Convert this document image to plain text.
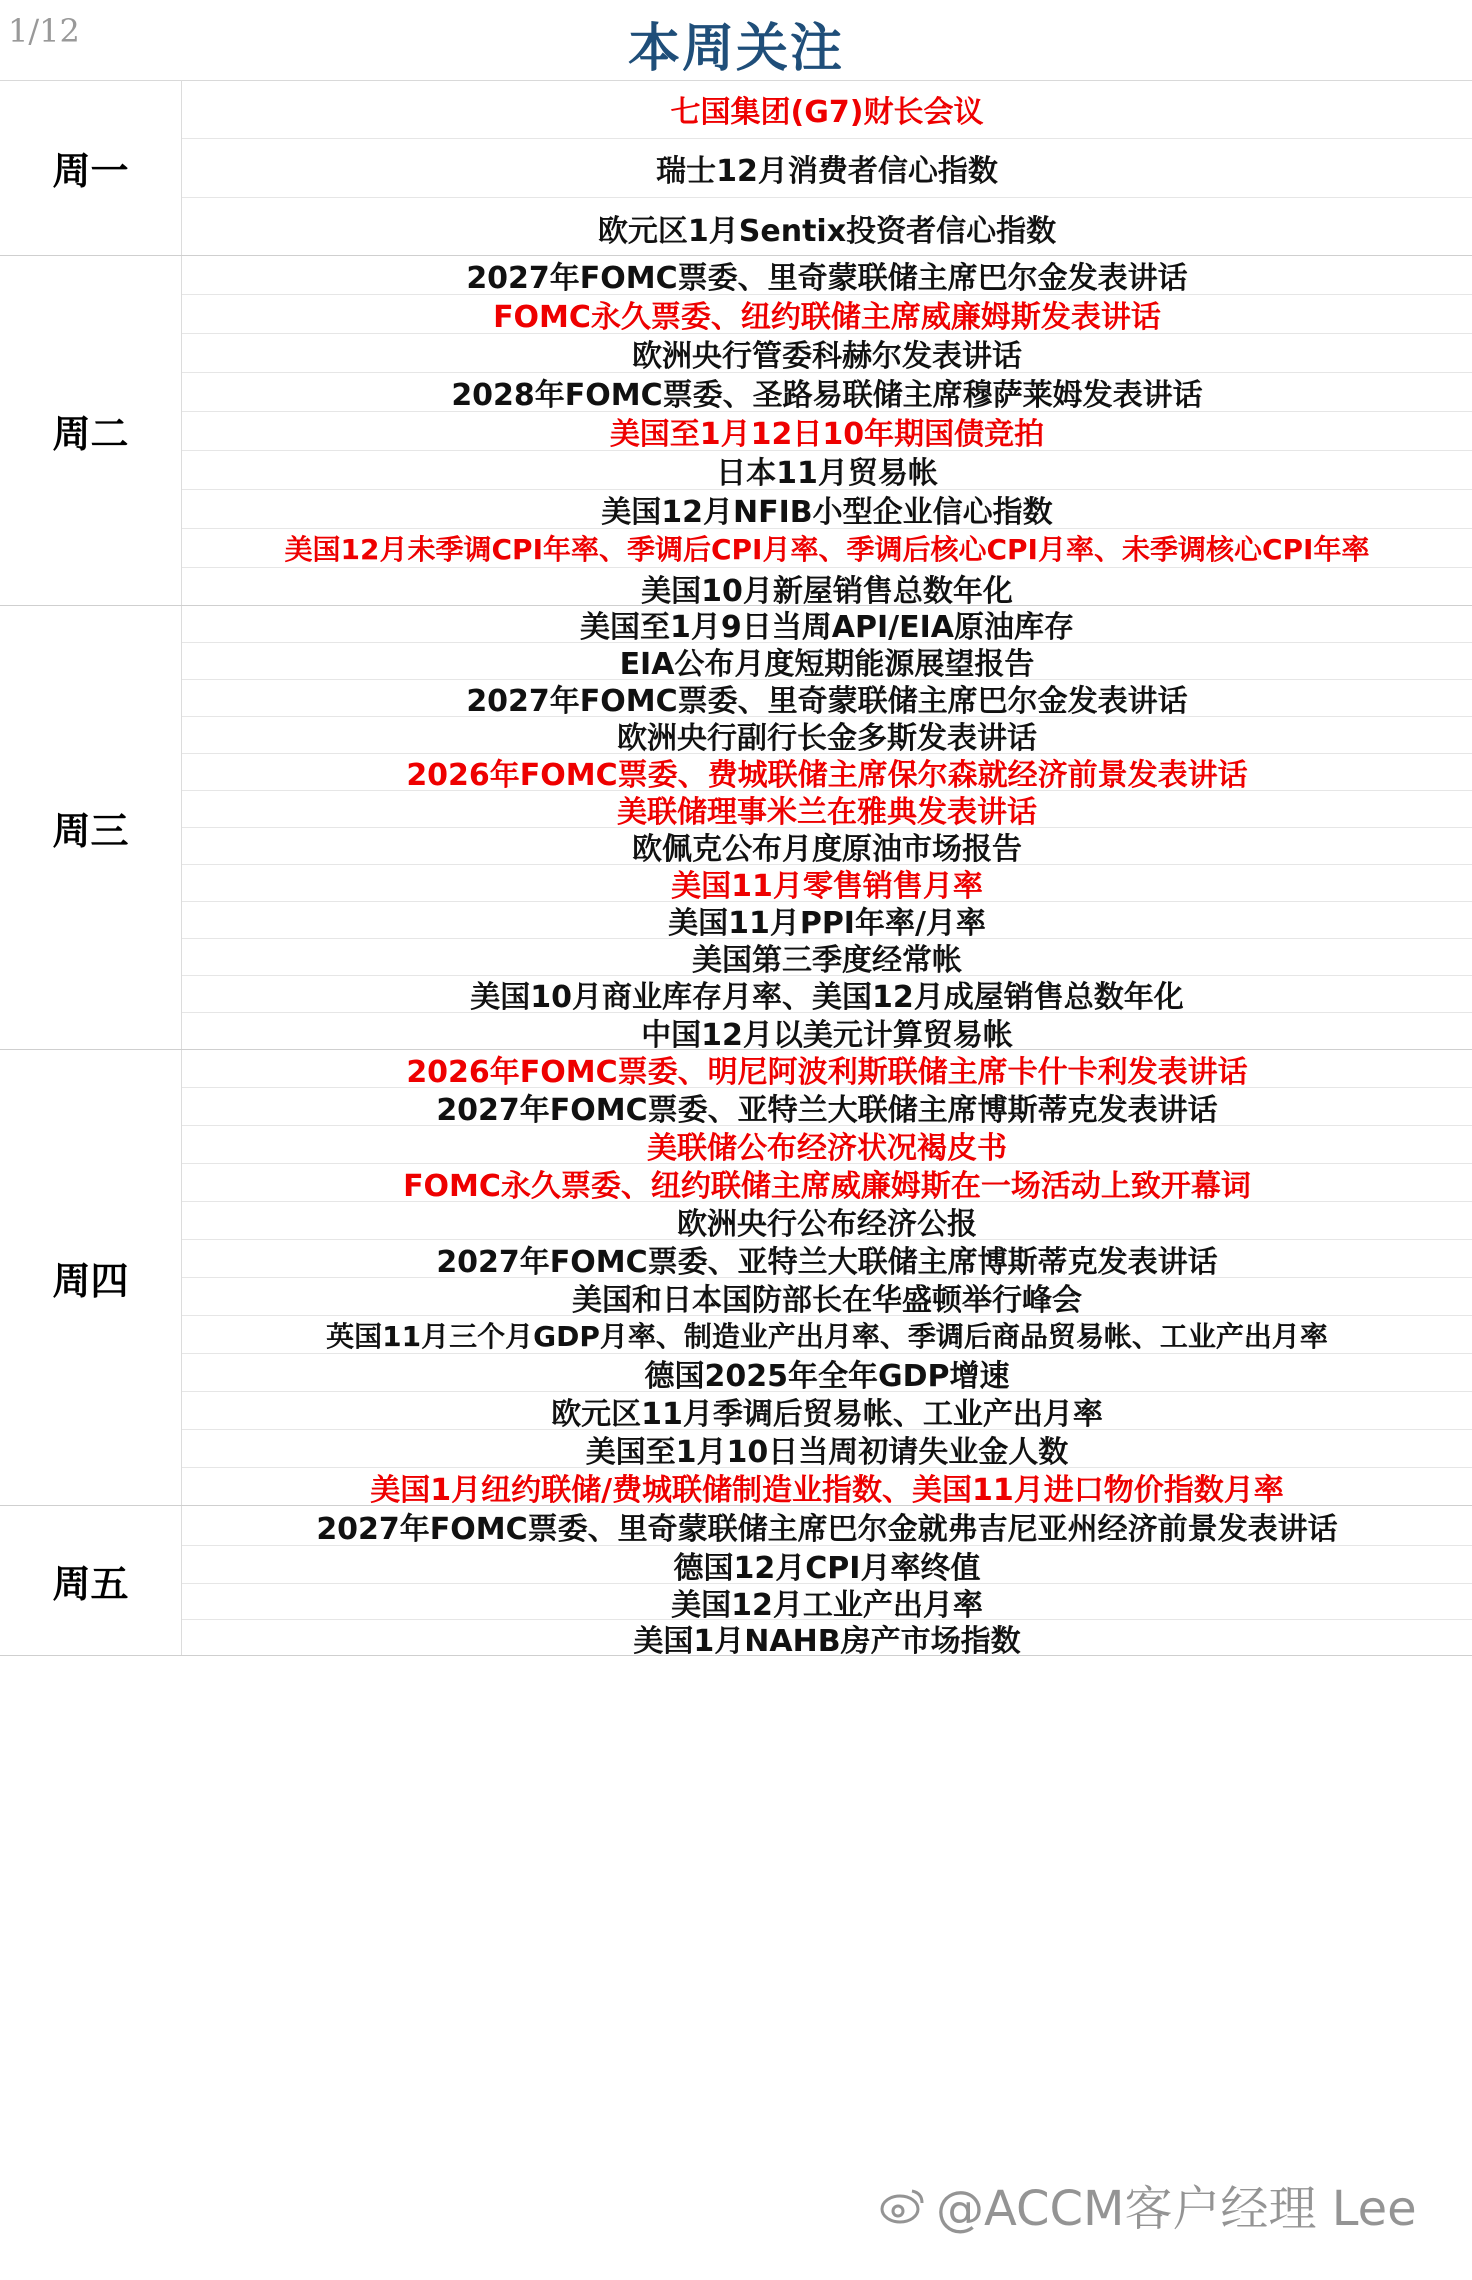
1/12	本周关注
周一
七国集团(G7)财长会议
瑞士12月消费者信心指数
欧元区1月Sentix投资者信心指数
周二
2027年FOMC票委、里奇蒙联储主席巴尔金发表讲话
FOMC永久票委、纽约联储主席威廉姆斯发表讲话
欧洲央行管委科赫尔发表讲话
2028年FOMC票委、圣路易联储主席穆萨莱姆发表讲话
美国至1月12日10年期国债竞拍
日本11月贸易帐
美国12月NFIB小型企业信心指数
美国12月未季调CPI年率、季调后CPI月率、季调后核心CPI月率、未季调核心CPI年率
美国10月新屋销售总数年化
周三
美国至1月9日当周API/EIA原油库存
EIA公布月度短期能源展望报告
2027年FOMC票委、里奇蒙联储主席巴尔金发表讲话
欧洲央行副行长金多斯发表讲话
2026年FOMC票委、费城联储主席保尔森就经济前景发表讲话
美联储理事米兰在雅典发表讲话
欧佩克公布月度原油市场报告
美国11月零售销售月率
美国11月PPI年率/月率
美国第三季度经常帐
美国10月商业库存月率、美国12月成屋销售总数年化
中国12月以美元计算贸易帐
周四
2026年FOMC票委、明尼阿波利斯联储主席卡什卡利发表讲话
2027年FOMC票委、亚特兰大联储主席博斯蒂克发表讲话
美联储公布经济状况褐皮书
FOMC永久票委、纽约联储主席威廉姆斯在一场活动上致开幕词
欧洲央行公布经济公报
2027年FOMC票委、亚特兰大联储主席博斯蒂克发表讲话
美国和日本国防部长在华盛顿举行峰会
英国11月三个月GDP月率、制造业产出月率、季调后商品贸易帐、工业产出月率
德国2025年全年GDP增速
欧元区11月季调后贸易帐、工业产出月率
美国至1月10日当周初请失业金人数
美国1月纽约联储/费城联储制造业指数、美国11月进口物价指数月率
周五
2027年FOMC票委、里奇蒙联储主席巴尔金就弗吉尼亚州经济前景发表讲话
德国12月CPI月率终值
美国12月工业产出月率
美国1月NAHB房产市场指数
@ACCM客户经理 Lee
